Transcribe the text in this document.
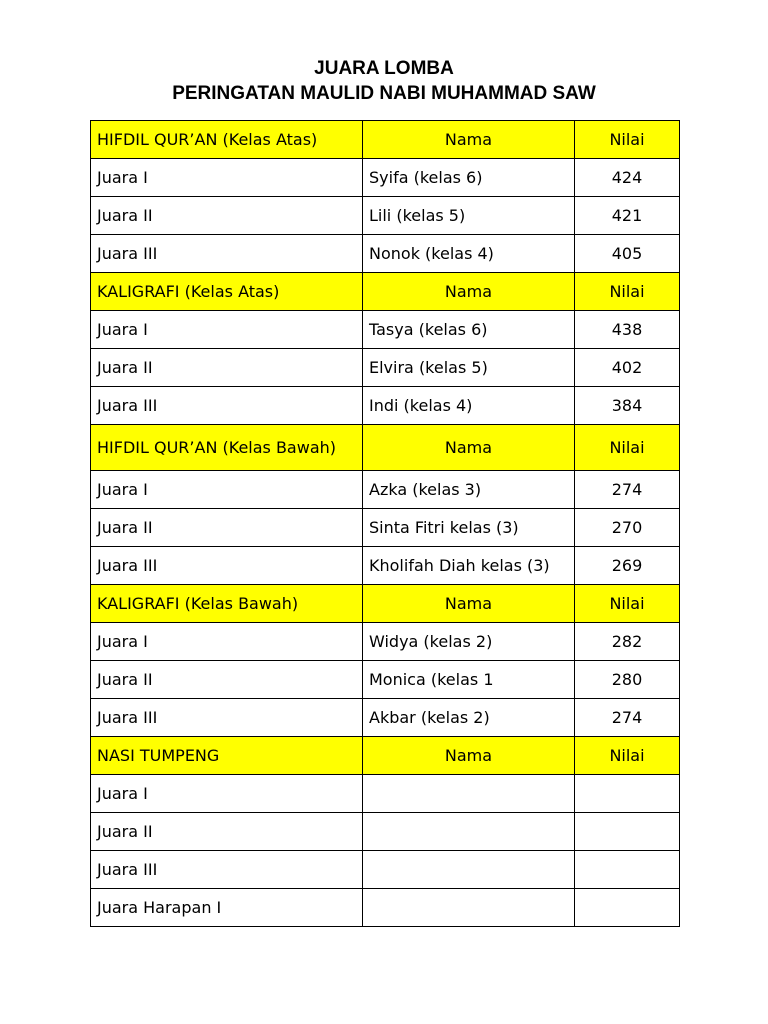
JUARA LOMBA
PERINGATAN MAULID NABI MUHAMMAD SAW
HIFDIL QUR’AN (Kelas Atas)	Nama	Nilai
Juara I	Syifa (kelas 6)	424
Juara II	Lili (kelas 5)	421
Juara III	Nonok (kelas 4)	405
KALIGRAFI (Kelas Atas)	Nama	Nilai
Juara I	Tasya (kelas 6)	438
Juara II	Elvira (kelas 5)	402
Juara III	Indi (kelas 4)	384
HIFDIL QUR’AN (Kelas Bawah)	Nama	Nilai
Juara I	Azka (kelas 3)	274
Juara II	Sinta Fitri kelas (3)	270
Juara III	Kholifah Diah kelas (3)	269
KALIGRAFI (Kelas Bawah)	Nama	Nilai
Juara I	Widya (kelas 2)	282
Juara II	Monica (kelas 1	280
Juara III	Akbar (kelas 2)	274
NASI TUMPENG	Nama	Nilai
Juara I		
Juara II		
Juara III		
Juara Harapan I		
